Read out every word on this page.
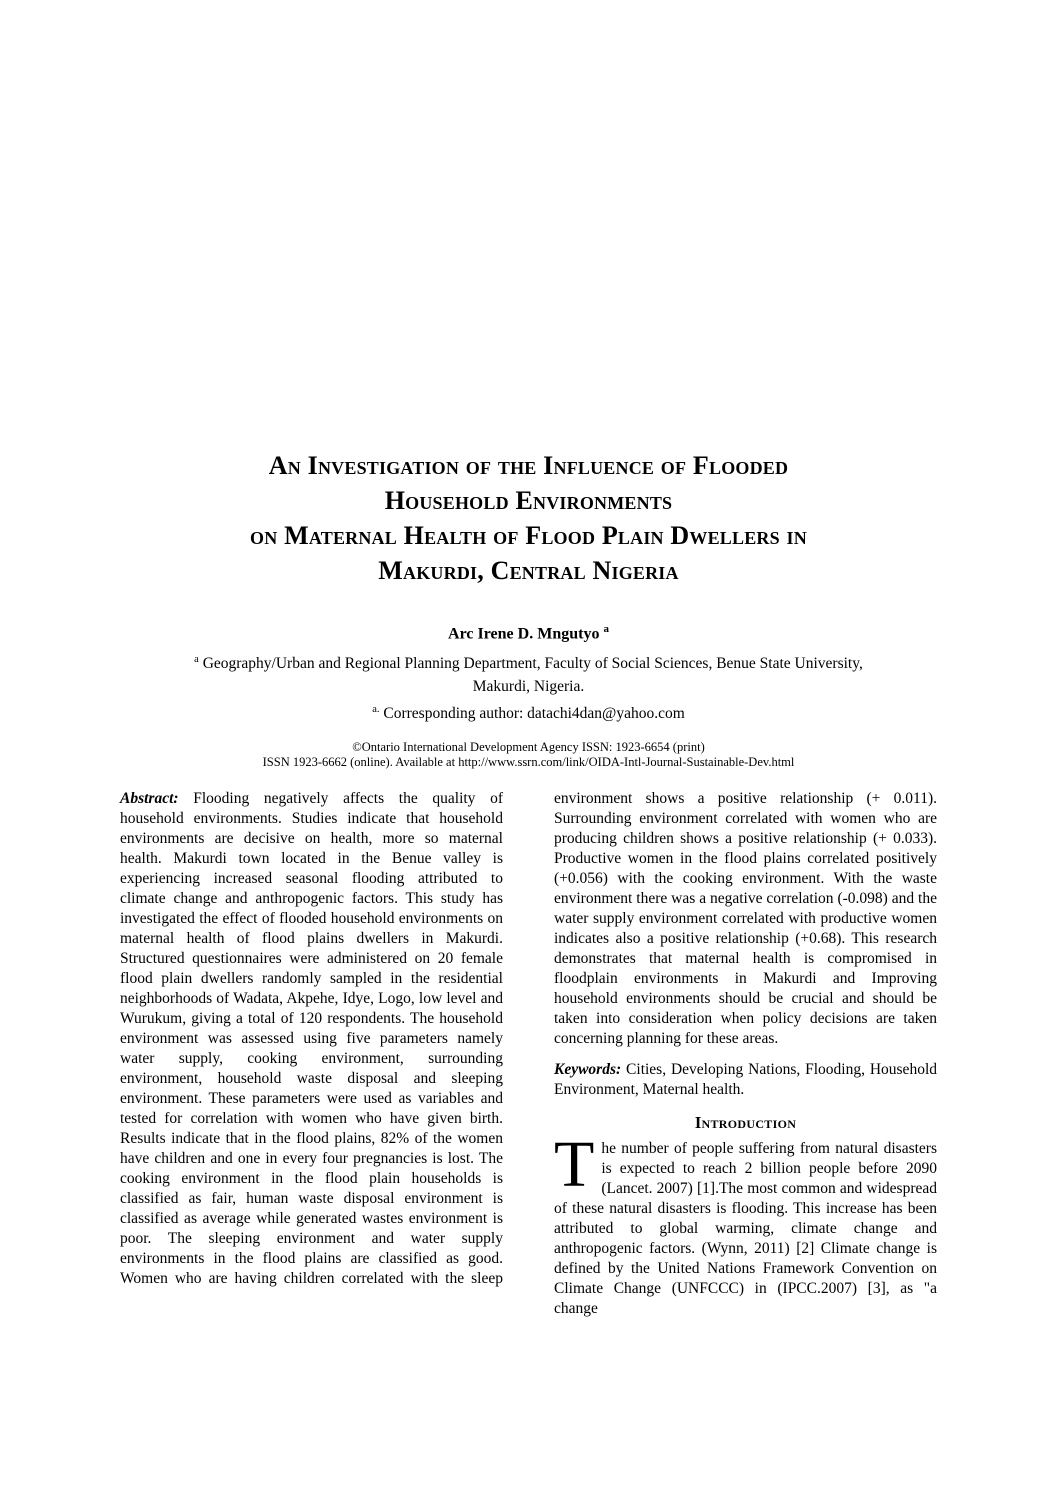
An Investigation of the Influence of Flooded
Household Environments
on Maternal Health of Flood Plain Dwellers in
Makurdi, Central Nigeria

Arc Irene D. Mngutyo $^a$

$^a$ Geography/Urban and Regional Planning Department, Faculty of Social Sciences, Benue State University,
Makurdi, Nigeria.

$^{a.}$ Corresponding author: datachi4dan@yahoo.com

©Ontario International Development Agency ISSN: 1923-6654 (print)
ISSN 1923-6662 (online). Available at http://www.ssrn.com/link/OIDA-Intl-Journal-Sustainable-Dev.html

Abstract: Flooding negatively affects the quality of household environments. Studies indicate that household environments are decisive on health, more so maternal health. Makurdi town located in the Benue valley is experiencing increased seasonal flooding attributed to climate change and anthropogenic factors. This study has investigated the effect of flooded household environments on maternal health of flood plains dwellers in Makurdi. Structured questionnaires were administered on 20 female flood plain dwellers randomly sampled in the residential neighborhoods of Wadata, Akpehe, Idye, Logo, low level and Wurukum, giving a total of 120 respondents. The household environment was assessed using five parameters namely water supply, cooking environment, surrounding environment, household waste disposal and sleeping environment. These parameters were used as variables and tested for correlation with women who have given birth. Results indicate that in the flood plains, 82% of the women have children and one in every four pregnancies is lost. The cooking environment in the flood plain households is classified as fair, human waste disposal environment is classified as average while generated wastes environment is poor. The sleeping environment and water supply environments in the flood plains are classified as good. Women who are having children correlated with the sleep

environment shows a positive relationship (+ 0.011). Surrounding environment correlated with women who are producing children shows a positive relationship (+ 0.033). Productive women in the flood plains correlated positively (+0.056) with the cooking environment. With the waste environment there was a negative correlation (-0.098) and the water supply environment correlated with productive women indicates also a positive relationship (+0.68). This research demonstrates that maternal health is compromised in floodplain environments in Makurdi and Improving household environments should be crucial and should be taken into consideration when policy decisions are taken concerning planning for these areas.

Keywords: Cities, Developing Nations, Flooding, Household Environment, Maternal health.

Introduction

The number of people suffering from natural disasters is expected to reach 2 billion people before 2090 (Lancet. 2007) [1].The most common and widespread of these natural disasters is flooding. This increase has been attributed to global warming, climate change and anthropogenic factors. (Wynn, 2011) [2] Climate change is defined by the United Nations Framework Convention on Climate Change (UNFCCC) in (IPCC.2007) [3], as "a change
